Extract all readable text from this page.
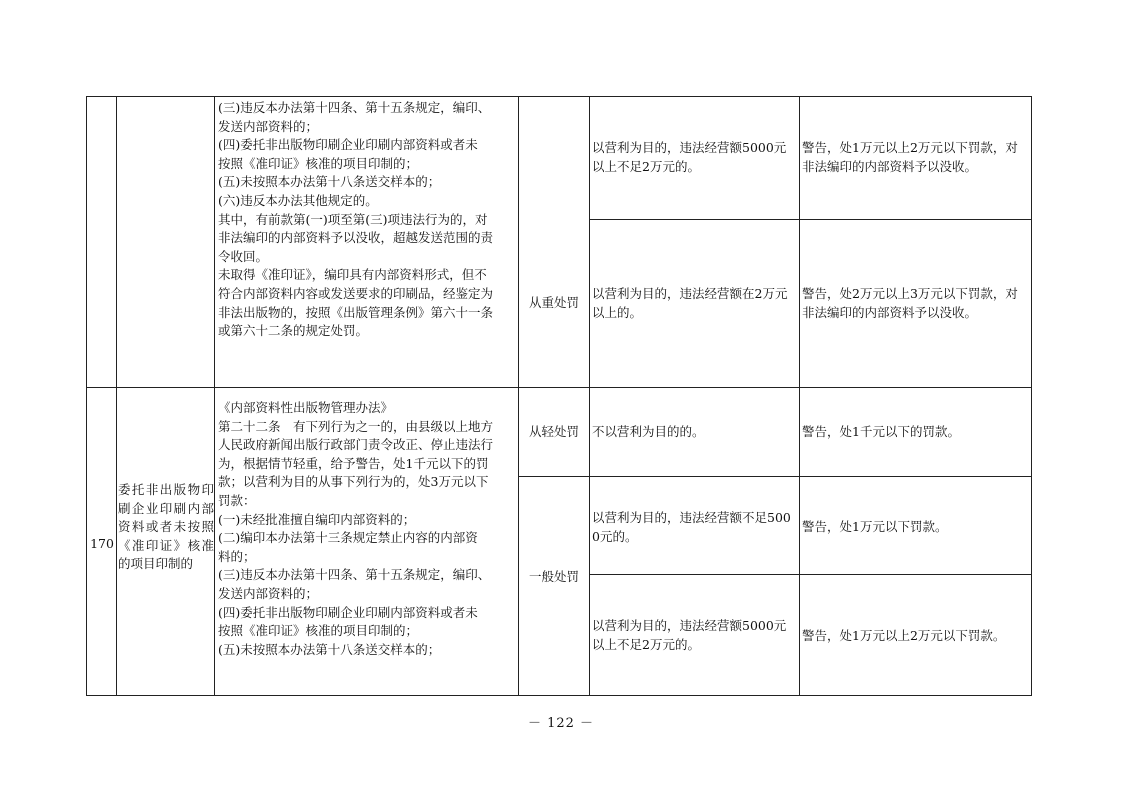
(三)违反本办法第十四条、第十五条规定，编印、
发送内部资料的；
(四)委托非出版物印刷企业印刷内部资料或者未
按照《准印证》核准的项目印制的；
(五)未按照本办法第十八条送交样本的；
(六)违反本办法其他规定的。
其中，有前款第(一)项至第(三)项违法行为的，对
非法编印的内部资料予以没收，超越发送范围的责
令收回。
未取得《准印证》，编印具有内部资料形式，但不
符合内部资料内容或发送要求的印刷品，经鉴定为
非法出版物的，按照《出版管理条例》第六十一条
或第六十二条的规定处罚。
以营利为目的，违法经营额5000元以上不足2万元的。
警告，处1万元以上2万元以下罚款，对非法编印的内部资料予以没收。
从重处罚
以营利为目的，违法经营额在2万元以上的。
警告，处2万元以上3万元以下罚款，对非法编印的内部资料予以没收。
170
委托非出版物印刷企业印刷内部资料或者未按照《准印证》核准的项目印制的
《内部资料性出版物管理办法》
第二十二条　有下列行为之一的，由县级以上地方
人民政府新闻出版行政部门责令改正、停止违法行
为，根据情节轻重，给予警告，处1千元以下的罚
款；以营利为目的从事下列行为的，处3万元以下
罚款：
(一)未经批准擅自编印内部资料的；
(二)编印本办法第十三条规定禁止内容的内部资
料的；
(三)违反本办法第十四条、第十五条规定，编印、
发送内部资料的；
(四)委托非出版物印刷企业印刷内部资料或者未
按照《准印证》核准的项目印制的；
(五)未按照本办法第十八条送交样本的；
从轻处罚	不以营利为目的的。	警告，处1千元以下的罚款。
一般处罚
以营利为目的，违法经营额不足5000元的。
警告，处1万元以下罚款。
以营利为目的，违法经营额5000元以上不足2万元的。
警告，处1万元以上2万元以下罚款。
－ 122 －
